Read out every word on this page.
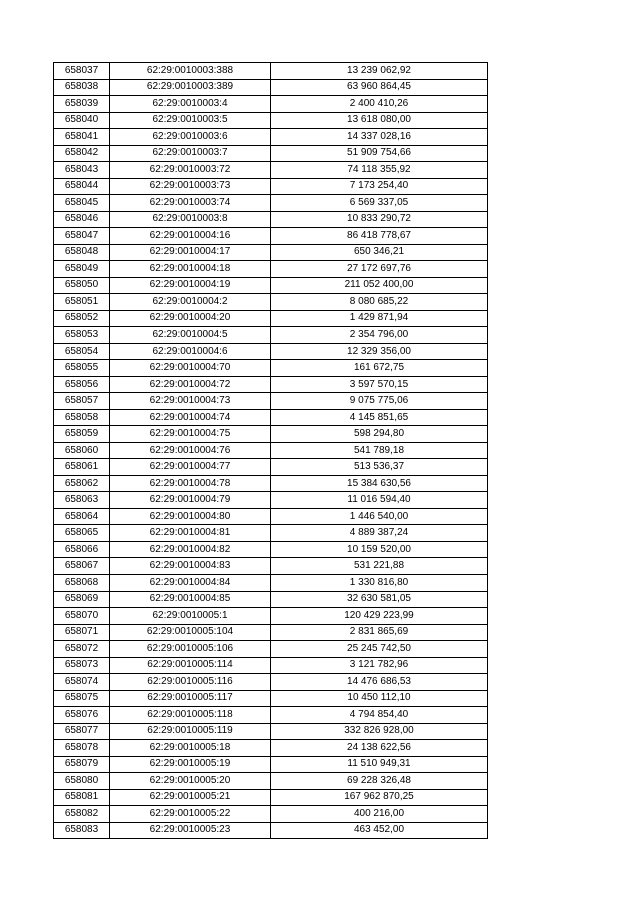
658037	62:29:0010003:388	13 239 062,92
658038	62:29:0010003:389	63 960 864,45
658039	62:29:0010003:4	2 400 410,26
658040	62:29:0010003:5	13 618 080,00
658041	62:29:0010003:6	14 337 028,16
658042	62:29:0010003:7	51 909 754,66
658043	62:29:0010003:72	74 118 355,92
658044	62:29:0010003:73	7 173 254,40
658045	62:29:0010003:74	6 569 337,05
658046	62:29:0010003:8	10 833 290,72
658047	62:29:0010004:16	86 418 778,67
658048	62:29:0010004:17	650 346,21
658049	62:29:0010004:18	27 172 697,76
658050	62:29:0010004:19	211 052 400,00
658051	62:29:0010004:2	8 080 685,22
658052	62:29:0010004:20	1 429 871,94
658053	62:29:0010004:5	2 354 796,00
658054	62:29:0010004:6	12 329 356,00
658055	62:29:0010004:70	161 672,75
658056	62:29:0010004:72	3 597 570,15
658057	62:29:0010004:73	9 075 775,06
658058	62:29:0010004:74	4 145 851,65
658059	62:29:0010004:75	598 294,80
658060	62:29:0010004:76	541 789,18
658061	62:29:0010004:77	513 536,37
658062	62:29:0010004:78	15 384 630,56
658063	62:29:0010004:79	11 016 594,40
658064	62:29:0010004:80	1 446 540,00
658065	62:29:0010004:81	4 889 387,24
658066	62:29:0010004:82	10 159 520,00
658067	62:29:0010004:83	531 221,88
658068	62:29:0010004:84	1 330 816,80
658069	62:29:0010004:85	32 630 581,05
658070	62:29:0010005:1	120 429 223,99
658071	62:29:0010005:104	2 831 865,69
658072	62:29:0010005:106	25 245 742,50
658073	62:29:0010005:114	3 121 782,96
658074	62:29:0010005:116	14 476 686,53
658075	62:29:0010005:117	10 450 112,10
658076	62:29:0010005:118	4 794 854,40
658077	62:29:0010005:119	332 826 928,00
658078	62:29:0010005:18	24 138 622,56
658079	62:29:0010005:19	11 510 949,31
658080	62:29:0010005:20	69 228 326,48
658081	62:29:0010005:21	167 962 870,25
658082	62:29:0010005:22	400 216,00
658083	62:29:0010005:23	463 452,00
